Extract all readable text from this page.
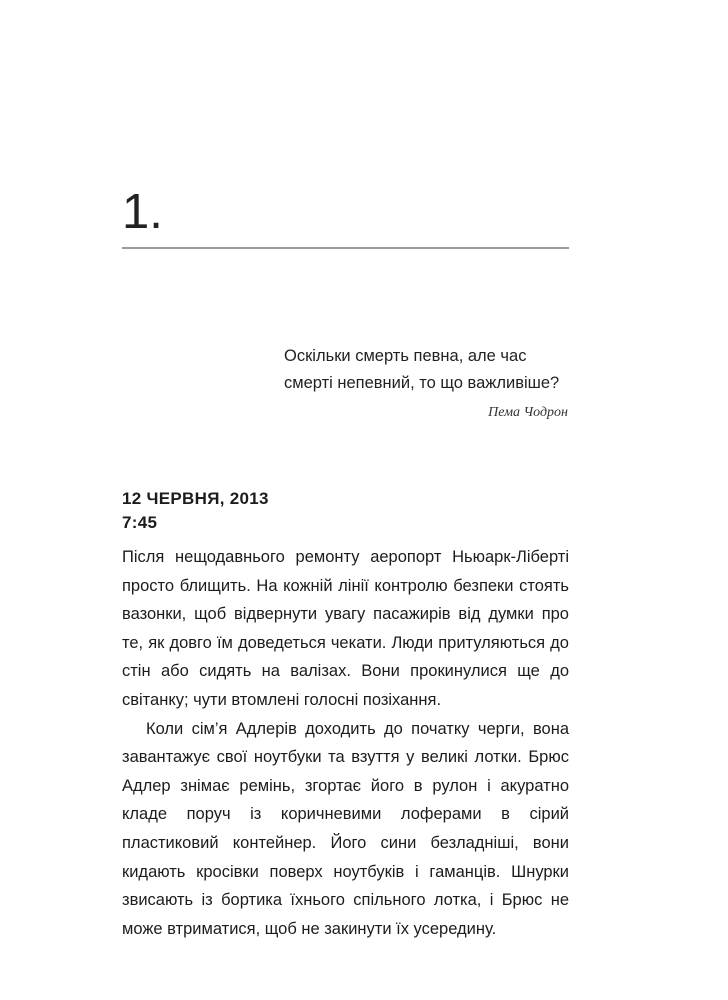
1.

Оскільки смерть певна, але час смерті непевний, то що важливіше?

Пема Чодрон

12 ЧЕРВНЯ, 2013
7:45

Після нещодавнього ремонту аеропорт Ньюарк-Ліберті просто блищить. На кожній лінії контролю безпеки стоять вазонки, щоб відвернути увагу пасажирів від думки про те, як довго їм доведеться чекати. Люди притуляються до стін або сидять на валізах. Вони прокинулися ще до світанку; чути втомлені голосні позіхання.

Коли сім’я Адлерів доходить до початку черги, вона завантажує свої ноутбуки та взуття у великі лотки. Брюс Адлер знімає ремінь, згортає його в рулон і акуратно кладе поруч із коричневими лоферами в сірий пластиковий контейнер. Його сини безладніші, вони кидають кросівки поверх ноутбуків і гаманців. Шнурки звисають із бортика їхнього спільного лотка, і Брюс не може втриматися, щоб не закинути їх усередину.
